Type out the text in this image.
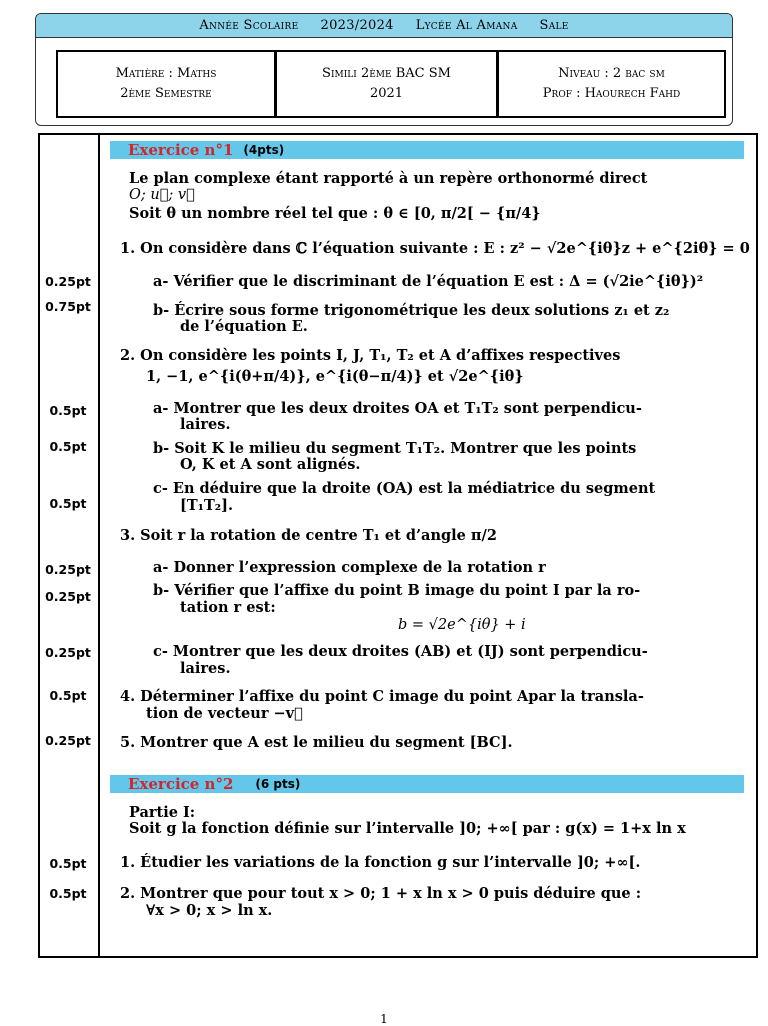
Année Scolaire 2023/2024 Lycée Al Amana Sale
Matière : Maths
2ème Semestre
Simili 2ème BAC SM
2021
Niveau : 2 bac sm
Prof : Haourech Fahd
Exercice n°1 (4pts)
Le plan complexe étant rapporté à un repère orthonormé direct
O; u⃗; v⃗
Soit θ un nombre réel tel que : θ ∈ [0, π/2[ − {π/4}
1. On considère dans ℂ l’équation suivante : E : z² − √2e^{iθ}z + e^{2iθ} = 0
a- Vérifier que le discriminant de l’équation E est : Δ = (√2ie^{iθ})²
b- Écrire sous forme trigonométrique les deux solutions z₁ et z₂
de l’équation E.
2. On considère les points I, J, T₁, T₂ et A d’affixes respectives
1, −1, e^{i(θ+π/4)}, e^{i(θ−π/4)} et √2e^{iθ}
a- Montrer que les deux droites OA et T₁T₂ sont perpendicu-
laires.
b- Soit K le milieu du segment T₁T₂. Montrer que les points
O, K et A sont alignés.
c- En déduire que la droite (OA) est la médiatrice du segment
[T₁T₂].
3. Soit r la rotation de centre T₁ et d’angle π/2
a- Donner l’expression complexe de la rotation r
b- Vérifier que l’affixe du point B image du point I par la ro-
tation r est:
b = √2e^{iθ} + i
c- Montrer que les deux droites (AB) et (IJ) sont perpendicu-
laires.
4. Déterminer l’affixe du point C image du point Apar la transla-
tion de vecteur −v⃗
5. Montrer que A est le milieu du segment [BC].
Exercice n°2 (6 pts)
Partie I:
Soit g la fonction définie sur l’intervalle ]0; +∞[ par : g(x) = 1+x ln x
1. Étudier les variations de la fonction g sur l’intervalle ]0; +∞[.
2. Montrer que pour tout x > 0; 1 + x ln x > 0 puis déduire que :
∀x > 0; x > ln x.
0.25pt
0.75pt
0.5pt
0.5pt
0.5pt
0.25pt
0.25pt
0.25pt
0.5pt
0.25pt
0.5pt
0.5pt
1
